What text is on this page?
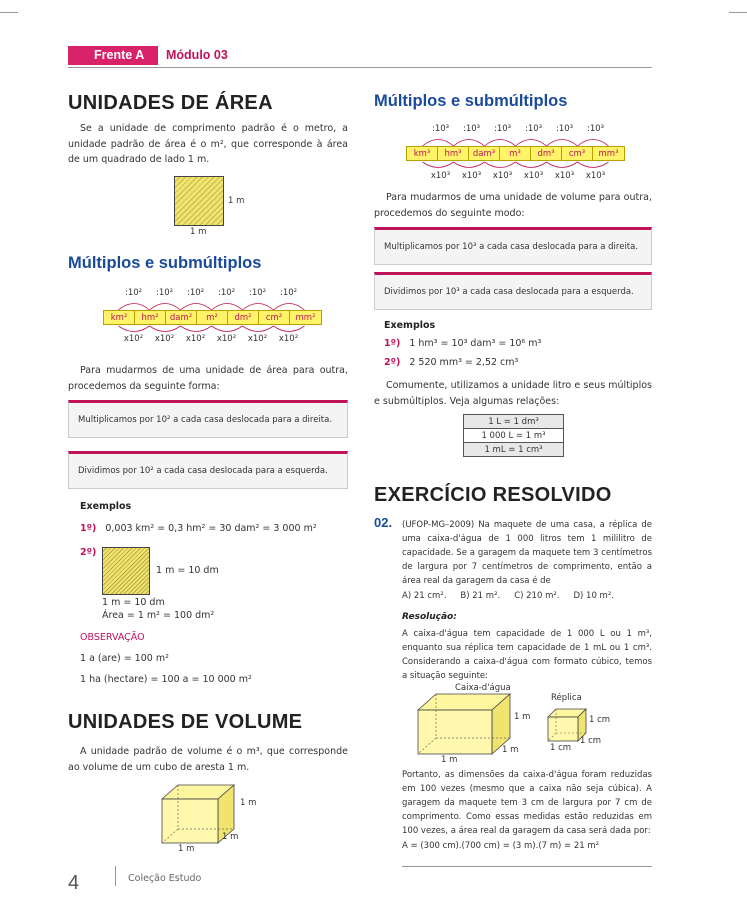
Frente A	Módulo 03
UNIDADES DE ÁREA

Se a unidade de comprimento padrão é o metro, a unidade padrão de área é o m², que corresponde à área de um quadrado de lado 1 m.

1 m
1 m
Múltiplos e submúltiplos
:10²	:10²	:10²	:10²	:10²	:10²
km²	hm²	dam²	m²	dm²	cm²	mm²
x10²	x10²	x10²	x10²	x10²	x10²

Para mudarmos de uma unidade de área para outra, procedemos da seguinte forma:

Multiplicamos por 10² a cada casa deslocada para a direita.
Dividimos por 10² a cada casa deslocada para a esquerda.
Exemplos
1º) 0,003 km² = 0,3 hm² = 30 dam² = 3 000 m²
2º)
1 m = 10 dm
1 m = 10 dm
Área = 1 m² = 100 dm²
OBSERVAÇÃO
1 a (are) = 100 m²
1 ha (hectare) = 100 a = 10 000 m²
UNIDADES DE VOLUME

A unidade padrão de volume é o m³, que corresponde ao volume de um cubo de aresta 1 m.

1 m
1 m
1 m
Múltiplos e submúltiplos
:10³	:10³	:10³	:10³	:10³	:10³
km³	hm³	dam³	m³	dm³	cm³	mm³
x10³	x10³	x10³	x10³	x10³	x10³

Para mudarmos de uma unidade de volume para outra, procedemos do seguinte modo:

Multiplicamos por 10³ a cada casa deslocada para a direita.
Dividimos por 10³ a cada casa deslocada para a esquerda.
Exemplos
1º) 1 hm³ = 10³ dam³ = 10⁶ m³
2º) 2 520 mm³ = 2,52 cm³

Comumente, utilizamos a unidade litro e seus múltiplos e submúltiplos. Veja algumas relações:

1 L = 1 dm³
1 000 L = 1 m³
1 mL = 1 cm³
EXERCÍCIO RESOLVIDO
02. (UFOP-MG–2009) Na maquete de uma casa, a réplica de uma caixa-d'água de 1 000 litros tem 1 mililitro de capacidade. Se a garagem da maquete tem 3 centímetros de largura por 7 centímetros de comprimento, então a área real da garagem da casa é de

A) 21 cm². B) 21 m². C) 210 m². D) 10 m².
Resolução:

A caixa-d'água tem capacidade de 1 000 L ou 1 m³, enquanto sua réplica tem capacidade de 1 mL ou 1 cm³. Considerando a caixa-d'água com formato cúbico, temos a situação seguinte:

Caixa-d'água
Réplica
1 m
1 m
1 m
1 cm
1 cm
1 cm

Portanto, as dimensões da caixa-d'água foram reduzidas em 100 vezes (mesmo que a caixa não seja cúbica). A garagem da maquete tem 3 cm de largura por 7 cm de comprimento. Como essas medidas estão reduzidas em 100 vezes, a área real da garagem da casa será dada por:

A = (300 cm).(700 cm) = (3 m).(7 m) = 21 m²
4	Coleção Estudo
